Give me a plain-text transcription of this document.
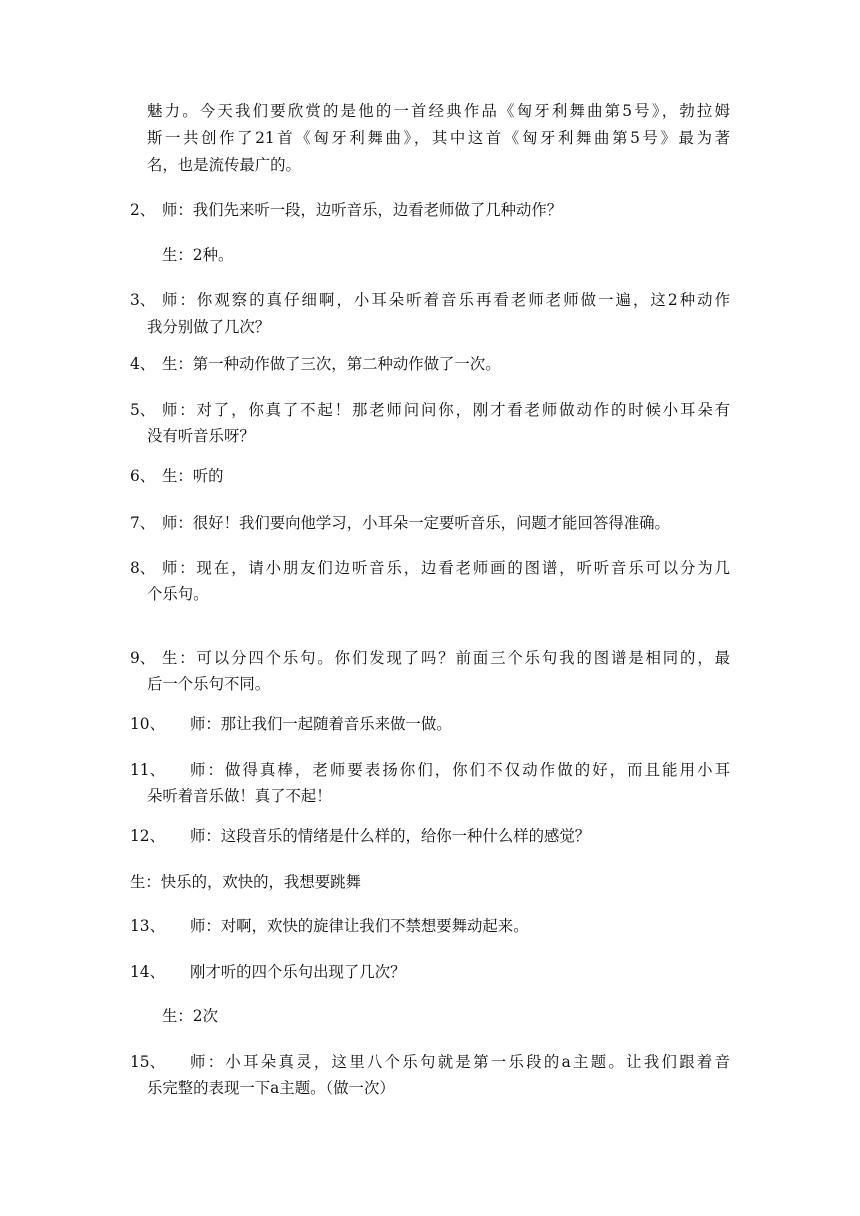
魅力。今天我们要欣赏的是他的一首经典作品《匈牙利舞曲第5号》，勃拉姆
斯一共创作了21首《匈牙利舞曲》，其中这首《匈牙利舞曲第5号》最为著
名，也是流传最广的。
2、 师：我们先来听一段，边听音乐，边看老师做了几种动作？
生：2种。
3、 师：你观察的真仔细啊，小耳朵听着音乐再看老师老师做一遍，这2种动作
我分别做了几次？
4、 生：第一种动作做了三次，第二种动作做了一次。
5、 师：对了，你真了不起！那老师问问你，刚才看老师做动作的时候小耳朵有
没有听音乐呀？
6、 生：听的
7、 师：很好！我们要向他学习，小耳朵一定要听音乐，问题才能回答得准确。
8、 师：现在，请小朋友们边听音乐，边看老师画的图谱，听听音乐可以分为几
个乐句。
9、 生：可以分四个乐句。你们发现了吗？前面三个乐句我的图谱是相同的，最
后一个乐句不同。
10、 师：那让我们一起随着音乐来做一做。
11、 师：做得真棒，老师要表扬你们，你们不仅动作做的好，而且能用小耳
朵听着音乐做！真了不起！
12、 师：这段音乐的情绪是什么样的，给你一种什么样的感觉？
生：快乐的，欢快的，我想要跳舞
13、 师：对啊，欢快的旋律让我们不禁想要舞动起来。
14、 刚才听的四个乐句出现了几次？
生：2次
15、 师：小耳朵真灵，这里八个乐句就是第一乐段的a主题。让我们跟着音
乐完整的表现一下a主题。（做一次）
